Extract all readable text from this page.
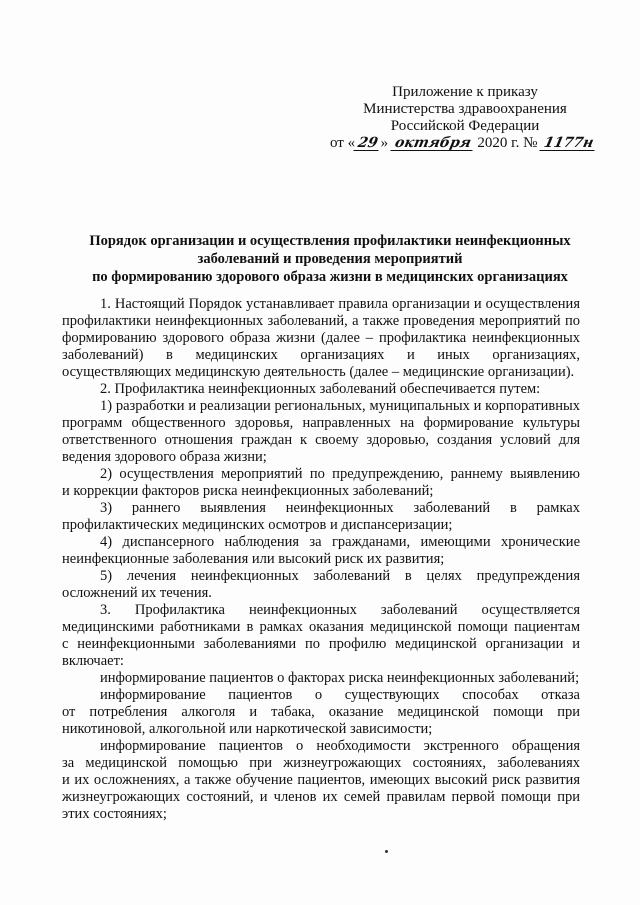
Приложение к приказу
Министерства здравоохранения
Российской Федерации
от «29» октября 2020 г. № 1177н
Порядок организации и осуществления профилактики неинфекционных
заболеваний и проведения мероприятий
по формированию здорового образа жизни в медицинских организациях
1. Настоящий Порядок устанавливает правила организации и осуществления
профилактики неинфекционных заболеваний, а также проведения мероприятий по
формированию здорового образа жизни (далее – профилактика неинфекционных
заболеваний) в медицинских организациях и иных организациях,
осуществляющих медицинскую деятельность (далее – медицинские организации).
2. Профилактика неинфекционных заболеваний обеспечивается путем:
1) разработки и реализации региональных, муниципальных и корпоративных
программ общественного здоровья, направленных на формирование культуры
ответственного отношения граждан к своему здоровью, создания условий для
ведения здорового образа жизни;
2) осуществления мероприятий по предупреждению, раннему выявлению
и коррекции факторов риска неинфекционных заболеваний;
3) раннего выявления неинфекционных заболеваний в рамках
профилактических медицинских осмотров и диспансеризации;
4) диспансерного наблюдения за гражданами, имеющими хронические
неинфекционные заболевания или высокий риск их развития;
5) лечения неинфекционных заболеваний в целях предупреждения
осложнений их течения.
3. Профилактика неинфекционных заболеваний осуществляется
медицинскими работниками в рамках оказания медицинской помощи пациентам
с неинфекционными заболеваниями по профилю медицинской организации и
включает:
информирование пациентов о факторах риска неинфекционных заболеваний;
информирование пациентов о существующих способах отказа
от потребления алкоголя и табака, оказание медицинской помощи при
никотиновой, алкогольной или наркотической зависимости;
информирование пациентов о необходимости экстренного обращения
за медицинской помощью при жизнеугрожающих состояниях, заболеваниях
и их осложнениях, а также обучение пациентов, имеющих высокий риск развития
жизнеугрожающих состояний, и членов их семей правилам первой помощи при
этих состояниях;
